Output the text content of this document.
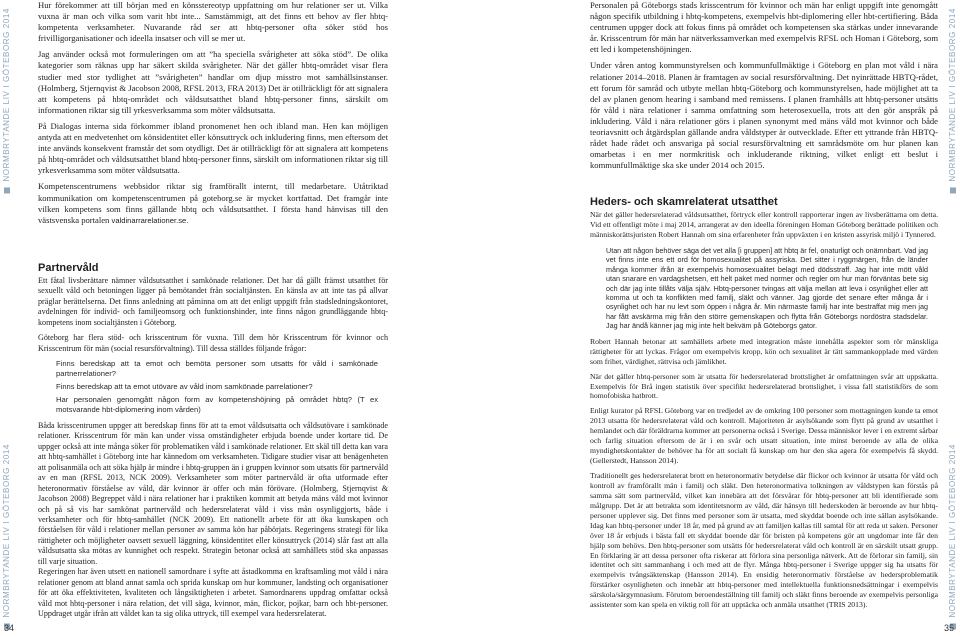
NORMBRYTANDE LIV I GÖTEBORG 2014
NORMBRYTANDE LIV I GÖTEBORG 2014

Hur förekommer att till början med en könsstereotyp uppfattning om hur relationer ser ut. Vilka vuxna är man och vilka som varit hbt inte... Samstämmigt, att det finns ett behov av fler hbtq-kompetenta verksamheter. Nuvarande råd ser att hbtq-personer ofta söker stöd hos frivilligorganisationer och ideella insatser och vill se mer ut.

Jag använder också mot formuleringen om att ”ha speciella svårigheter att söka stöd”. De olika kategorier som räknas upp har säkert skilda svårigheter. När det gäller hbtq-området visar flera studier med stor tydlighet att ”svårigheten” handlar om djup misstro mot samhällsinstanser. (Holmberg, Stjernqvist & Jacobson 2008, RFSL 2013, FRA 2013) Det är otillräckligt för att signalera att kompetens på hbtq-området och våldsutsatthet bland hbtq-personer finns, särskilt om informationen riktar sig till yrkesverksamma som möter våldsutsatta.

På Dialogas interna sida förkommer ibland pronomenet hen och ibland man. Hen kan möjligen antyda att en medvetenhet om könsidentitet eller könsuttryck och inkludering finns, men eftersom det inte används konsekvent framstår det som otydligt. Det är otillräckligt för att signalera att kompetens på hbtq-området och våldsutsatthet bland hbtq-personer finns, särskilt om informationen riktar sig till yrkesverksamma som möter våldsutsatta.

Kompetenscentrumens webbsidor riktar sig framförallt internt, till medarbetare. Utåtriktad kommunikation om kompetenscentrumen på goteborg.se är mycket kortfattad. Det framgår inte vilken kompetens som finns gällande hbtq och våldsutsatthet. I första hand hänvisas till den västsvenska portalen valdinarrarelationer.se.

Partnervåld

Ett fåtal livsberättare nämner våldsutsatthet i samkönade relationer. Det har då gällt främst utsatthet för sexuellt våld och betoningen ligger på bemötandet från socialtjänsten. En känsla av att inte tas på allvar präglar berättelserna. Det finns anledning att påminna om att det enligt uppgift från stadsledningskontoret, avdelningen för individ- och familjeomsorg och funktionshinder, inte finns någon grundläggande hbtq-kompetens inom socialtjänsten i Göteborg.

Göteborg har flera stöd- och krisscentrum för vuxna. Till dem hör Krisscentrum för kvinnor och Krisscentrum för män (social resursförvaltning). Till dessa ställdes följande frågor:

Finns beredskap att ta emot och bemöta personer som utsatts för våld i samkönade partnerrelationer?

Finns beredskap att ta emot utövare av våld inom samkönade parrelationer?

Har personalen genomgått någon form av kompetenshöjning på området hbtq? (T ex motsvarande hbt-diplomering inom vården)

Båda krisscentrumen uppger att beredskap finns för att ta emot våldsutsatta och våldsutövare i samkönade relationer. Krisscentrum för män kan under vissa omständigheter erbjuda boende under kortare tid. De uppger också att inte många söker för problematiken våld i samkönade relationer. Ett skäl till detta kan vara att hbtq-samhället i Göteborg inte har kännedom om verksamheten. Tidigare studier visar att benägenheten att polisanmäla och att söka hjälp är mindre i hbtq-gruppen än i gruppen kvinnor som utsatts för partnervåld av en man (RFSL 2013, NCK 2009). Verksamheter som möter partnervåld är ofta utformade efter heteronormativ förståelse av våld, där kvinnor är offer och män förövare. (Holmberg, Stjernqvist & Jacobson 2008) Begreppet våld i nära relationer har i praktiken kommit att betyda mäns våld mot kvinnor och på så vis har samkönat partnervåld och hedersrelaterat våld i viss mån osynliggjorts, både i verksamheter och för hbtq-samhället (NCK 2009). Ett nationellt arbete för att öka kunskapen och förståelsen för våld i relationer mellan personer av samma kön har påbörjats. Regeringens strategi för lika rättigheter och möjligheter oavsett sexuell läggning, könsidentitet eller könsuttryck (2014) slår fast att alla våldsutsatta ska mötas av kunnighet och respekt. Strategin betonar också att samhällets stöd ska anpassas till varje situation.

Regeringen har även utsett en nationell samordnare i syfte att åstadkomma en kraftsamling mot våld i nära relationer genom att bland annat samla och sprida kunskap om hur kommuner, landsting och organisationer för att öka effektiviteten, kvaliteten och långsiktigheten i arbetet. Samordnarens uppdrag omfattar också våld mot hbtq-personer i nära relation, det vill säga, kvinnor, män, flickor, pojkar, barn och hbt-personer. Uppdraget utgår ifrån att våldet kan ta sig olika uttryck, till exempel vara hedersrelaterat.

34
NORMBRYTANDE LIV I GÖTEBORG 2014
NORMBRYTANDE LIV I GÖTEBORG 2014

Personalen på Göteborgs stads krisscentrum för kvinnor och män har enligt uppgift inte genomgått någon specifik utbildning i hbtq-kompetens, exempelvis hbt-diplomering eller hbt-certifiering. Båda centrumen uppger dock att fokus finns på området och kompetensen ska stärkas under innevarande år. Krisscentrum för män har nätverkssamverkan med exempelvis RFSL och Homan i Göteborg, som ett led i kompetenshöjningen.

Under våren antog kommunstyrelsen och kommunfullmäktige i Göteborg en plan mot våld i nära relationer 2014–2018. Planen är framtagen av social resursförvaltning. Det nyinrättade HBTQ-rådet, ett forum för samråd och utbyte mellan hbtq-Göteborg och kommunstyrelsen, hade möjlighet att ta del av planen genom hearing i samband med remissens. I planen framhålls att hbtq-personer utsätts för våld i nära relationer i samma omfattning som heterosexuella, trots att den gör anspråk på inkludering. Våld i nära relationer görs i planen synonymt med mäns våld mot kvinnor och både teoriavsnitt och åtgärdsplan gällande andra våldstyper är outvecklade. Efter ett yttrande från HBTQ-rådet hade rådet och ansvariga på social resursförvaltning ett samrådsmöte om hur planen kan omarbetas i en mer normkritisk och inkluderande riktning, vilket enligt ett beslut i kommunfullmäktige ska ske under 2014 och 2015.

Heders- och skamrelaterat utsatthet

När det gäller hedersrelaterad våldsutsatthet, förtryck eller kontroll rapporterar ingen av livsberättarna om detta. Vid ett offentligt möte i maj 2014, arrangerat av den ideella föreningen Homan Göteborg berättade politiken och människorättsjuristen Robert Hannah om sina erfarenheter från uppväxten i en kristen assyrisk miljö i Tynnered.

Utan att någon behöver säga det vet alla [i gruppen] att hbtq är fel, onaturligt och onämnbart. Vad jag vet finns inte ens ett ord för homosexualitet på assyriska. Det sitter i ryggmärgen, från de länder många kommer ifrån är exempelvis homosexualitet belagt med dödsstraff. Jag har inte mött våld utan snarare en vardagshetsen, ett helt paket med normer och regler om hur man förväntas bete sig och där jag inte tillåts välja själv. Hbtq-personer tvingas att välja mellan att leva i osynlighet eller att komma ut och ta konflikten med familj, släkt och vänner. Jag gjorde det senare efter många år i osynlighet och har nu levt som öppen i några år. Min närmaste familj har inte bestraffat mig men jag har fått avskärma mig från den större gemenskapen och flytta från Göteborgs nordöstra stadsdelar. Jag har ändå känner jag mig inte helt bekväm på Göteborgs gator.

Robert Hannah betonar att samhällets arbete med integration måste innehålla aspekter som rör mänskliga rättigheter för att lyckas. Frågor om exempelvis kropp, kön och sexualitet är tätt sammankopplade med värden som frihet, värdighet, rättvisa och jämlikhet.

När det gäller hbtq-personer som är utsatta för hedersrelaterad brottslighet är omfattningen svår att uppskatta. Exempelvis för Brå ingen statistik över specifikt hedersrelaterad brottslighet, i vissa fall statistikförs de som homofobiska hatbrott.

Enligt kurator på RFSL Göteborg var en tredjedel av de omkring 100 personer som mottagningen kunde ta emot 2013 utsatta för hedersrelaterat våld och kontroll. Majoriteten är asylsökande som flytt på grund av utsatthet i hemlandet och där föräldrarna kommer att personerna också i Sverige. Dessa människor lever i en extremt sårbar och farlig situation eftersom de är i en svår och utsatt situation, inte minst beroende av alla de olika myndighetskontakter de behöver ha för att socialt få kunskap om hur den ska agera för exempelvis få skydd. (Gellerstedt, Hansson 2014).

Traditionellt ges hedersrelaterat brott en heteronormativ betydelse där flickor och kvinnor är utsatta för våld och kontroll av framförallt män i familj och släkt. Den heteronormativa tolkningen av våldstypen kan förstås på samma sätt som partnervåld, vilket kan innebära att det försvårar för hbtq-personer att bli identifierade som målgrupp. Det är att betrakta som identitetsnorm av våld, där hänsyn till hederskoden är beroende av hur hbtq-personer upplever sig. Det finns med personer som är utsatta, med skyddat boende och inte sällan asylsökande. Idag kan hbtq-personer under 18 år, med på grund av att familjen kallas till samtal för att reda ut saken. Personer över 18 år erbjuds i bästa fall ett skyddat boende där för bristen på kompetens gör att ungdomar inte får den hjälp som behövs. Den hbtq-personer som utsätts för hedersrelaterat våld och kontroll är en särskilt utsatt grupp. En förklaring är att dessa personer ofta riskerar att förlora sina personliga nätverk. Att de förlorar sin familj, sin identitet och sitt sammanhang i och med att de flyr. Många hbtq-personer i Sverige uppger sig ha utsatts för exempelvis tvångsäktenskap (Hansson 2014). En ensidig heteronormativ förståelse av hedersproblematik förstärker osynligheten och innebär att hbtq-personer med intellektuella funktionsnedsättningar i exempelvis särskola/särgymnasium. Förutom beroendeställning till familj och släkt finns beroende av exempelvis personliga assistenter som kan spela en viktig roll för att upptäcka och anmäla utsatthet (TRIS 2013).

35
